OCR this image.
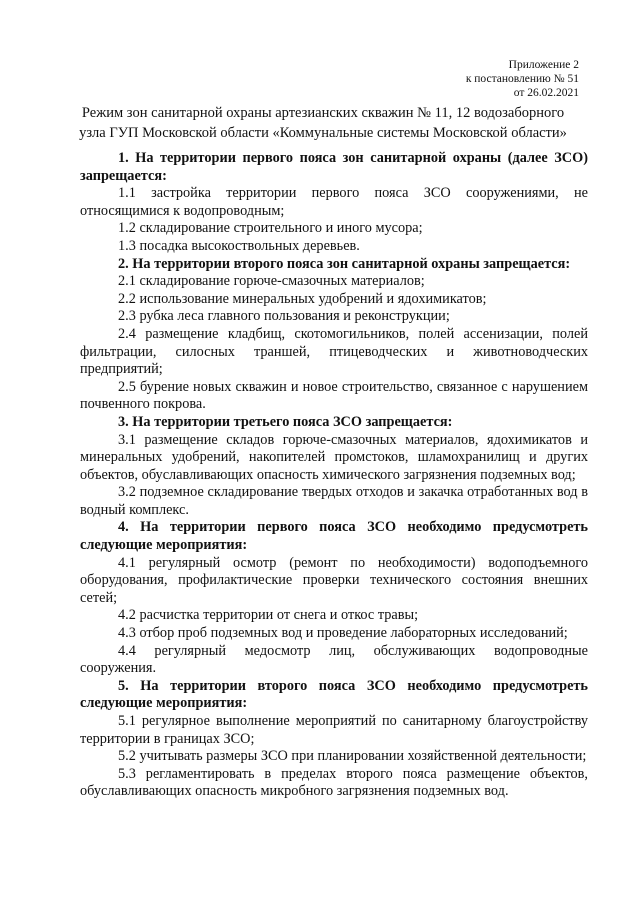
Приложение 2
к постановлению № 51
от 26.02.2021
Режим зон санитарной охраны артезианских скважин № 11, 12 водозаборного
узла ГУП Московской области «Коммунальные системы Московской области»

1. На территории первого пояса зон санитарной охраны (далее ЗСО) запрещается:

1.1 застройка территории первого пояса ЗСО сооружениями, не относящимися к водопроводным;

1.2 складирование строительного и иного мусора;

1.3 посадка высокоствольных деревьев.

2. На территории второго пояса зон санитарной охраны запрещается:

2.1 складирование горюче-смазочных материалов;

2.2 использование минеральных удобрений и ядохимикатов;

2.3 рубка леса главного пользования и реконструкции;

2.4 размещение кладбищ, скотомогильников, полей ассенизации, полей фильтрации, силосных траншей, птицеводческих и животноводческих предприятий;

2.5 бурение новых скважин и новое строительство, связанное с нарушением почвенного покрова.

3. На территории третьего пояса ЗСО запрещается:

3.1 размещение складов горюче-смазочных материалов, ядохимикатов и минеральных удобрений, накопителей промстоков, шламохранилищ и других объектов, обуславливающих опасность химического загрязнения подземных вод;

3.2 подземное складирование твердых отходов и закачка отработанных вод в водный комплекс.

4. На территории первого пояса ЗСО необходимо предусмотреть следующие мероприятия:

4.1 регулярный осмотр (ремонт по необходимости) водоподъемного оборудования, профилактические проверки технического состояния внешних сетей;

4.2 расчистка территории от снега и откос травы;

4.3 отбор проб подземных вод и проведение лабораторных исследований;

4.4 регулярный медосмотр лиц, обслуживающих водопроводные сооружения.

5. На территории второго пояса ЗСО необходимо предусмотреть следующие мероприятия:

5.1 регулярное выполнение мероприятий по санитарному благоустройству территории в границах ЗСО;

5.2 учитывать размеры ЗСО при планировании хозяйственной деятельности;

5.3 регламентировать в пределах второго пояса размещение объектов, обуславливающих опасность микробного загрязнения подземных вод.
